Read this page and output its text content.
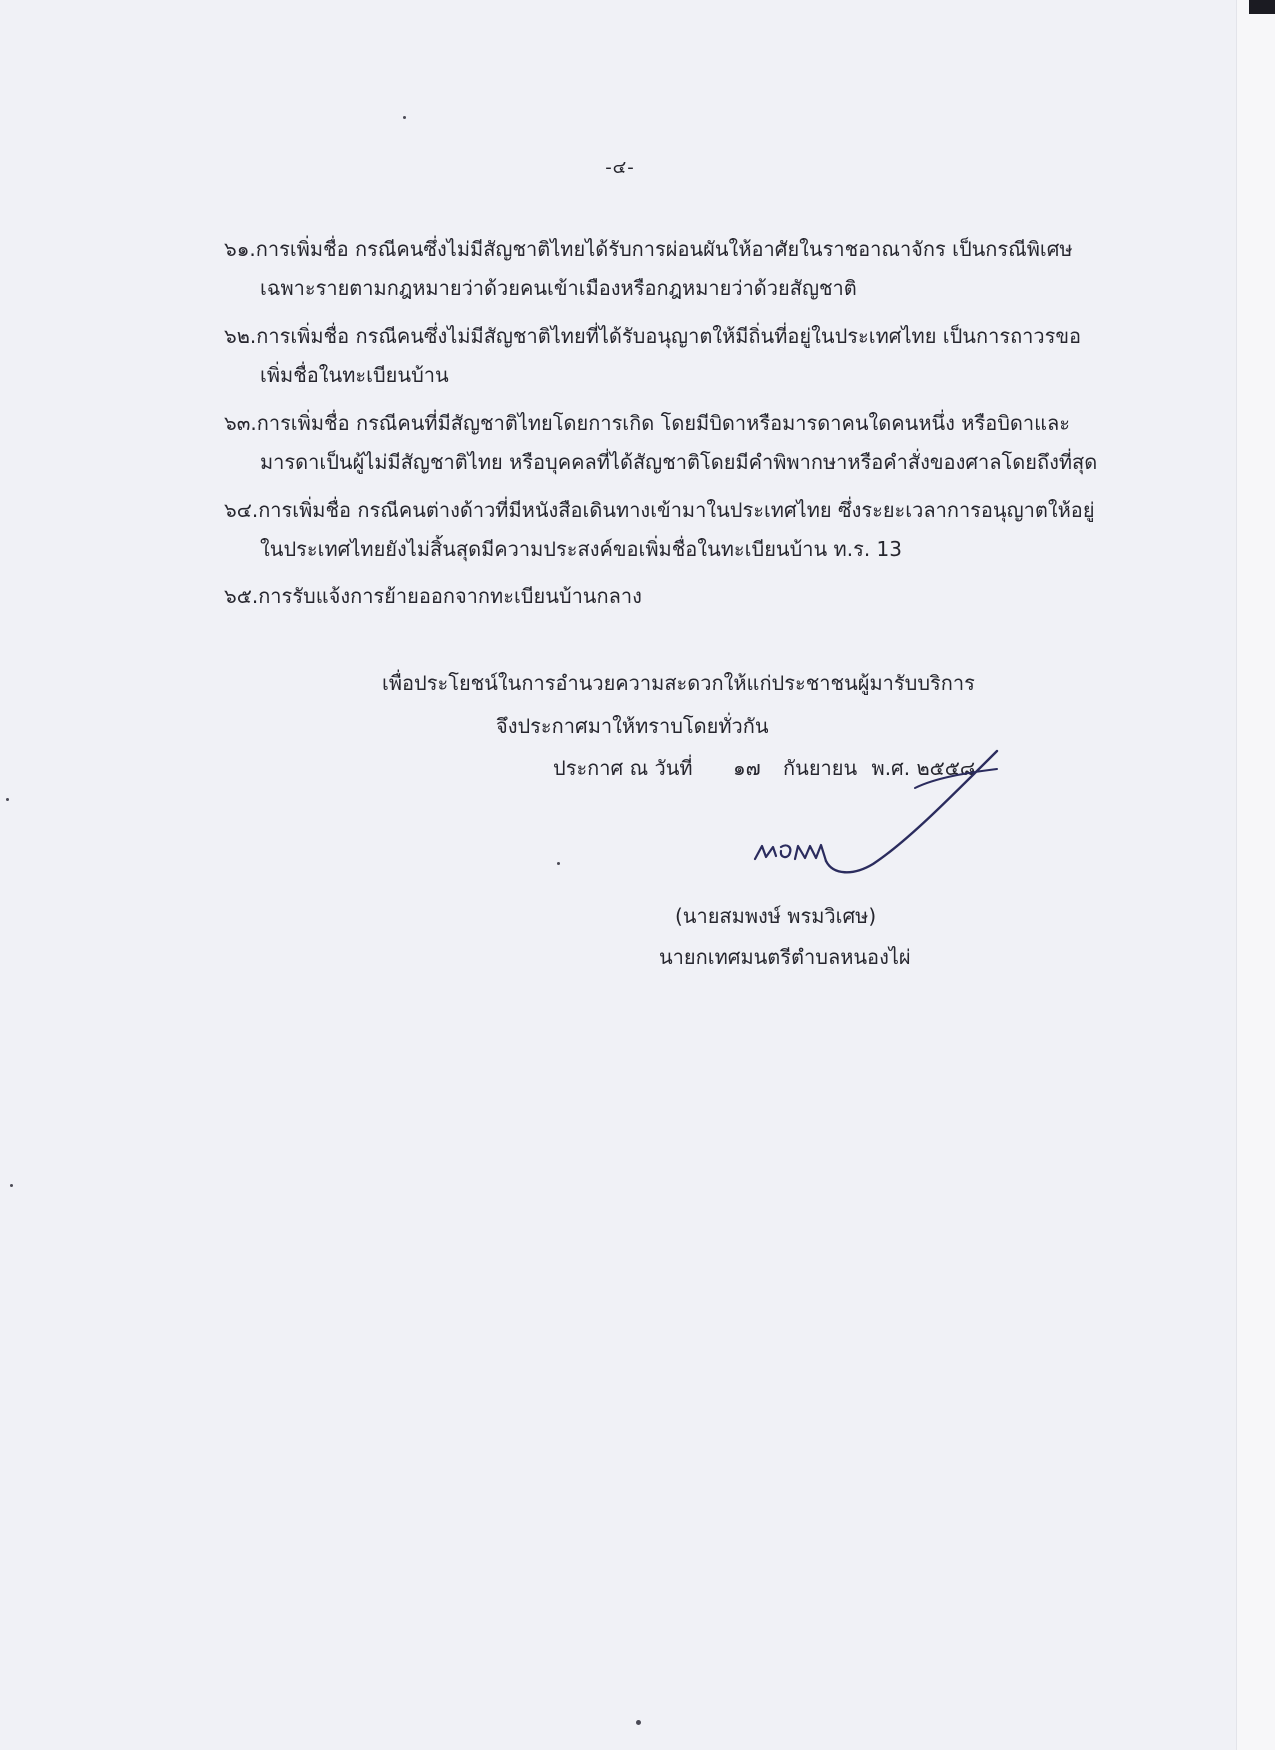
-๔-
๖๑.การเพิ่มชื่อ กรณีคนซึ่งไม่มีสัญชาติไทยได้รับการผ่อนผันให้อาศัยในราชอาณาจักร เป็นกรณีพิเศษ
เฉพาะรายตามกฎหมายว่าด้วยคนเข้าเมืองหรือกฎหมายว่าด้วยสัญชาติ
๖๒.การเพิ่มชื่อ กรณีคนซึ่งไม่มีสัญชาติไทยที่ได้รับอนุญาตให้มีถิ่นที่อยู่ในประเทศไทย เป็นการถาวรขอ
เพิ่มชื่อในทะเบียนบ้าน
๖๓.การเพิ่มชื่อ กรณีคนที่มีสัญชาติไทยโดยการเกิด โดยมีบิดาหรือมารดาคนใดคนหนึ่ง หรือบิดาและ
มารดาเป็นผู้ไม่มีสัญชาติไทย หรือบุคคลที่ได้สัญชาติโดยมีคำพิพากษาหรือคำสั่งของศาลโดยถึงที่สุด
๖๔.การเพิ่มชื่อ กรณีคนต่างด้าวที่มีหนังสือเดินทางเข้ามาในประเทศไทย ซึ่งระยะเวลาการอนุญาตให้อยู่
ในประเทศไทยยังไม่สิ้นสุดมีความประสงค์ขอเพิ่มชื่อในทะเบียนบ้าน ท.ร. 13
๖๕.การรับแจ้งการย้ายออกจากทะเบียนบ้านกลาง
เพื่อประโยชน์ในการอำนวยความสะดวกให้แก่ประชาชนผู้มารับบริการ
จึงประกาศมาให้ทราบโดยทั่วกัน
ประกาศ ณ วันที่ ๑๗ กันยายน พ.ศ. ๒๕๕๘
(นายสมพงษ์ พรมวิเศษ)
นายกเทศมนตรีตำบลหนองไผ่
